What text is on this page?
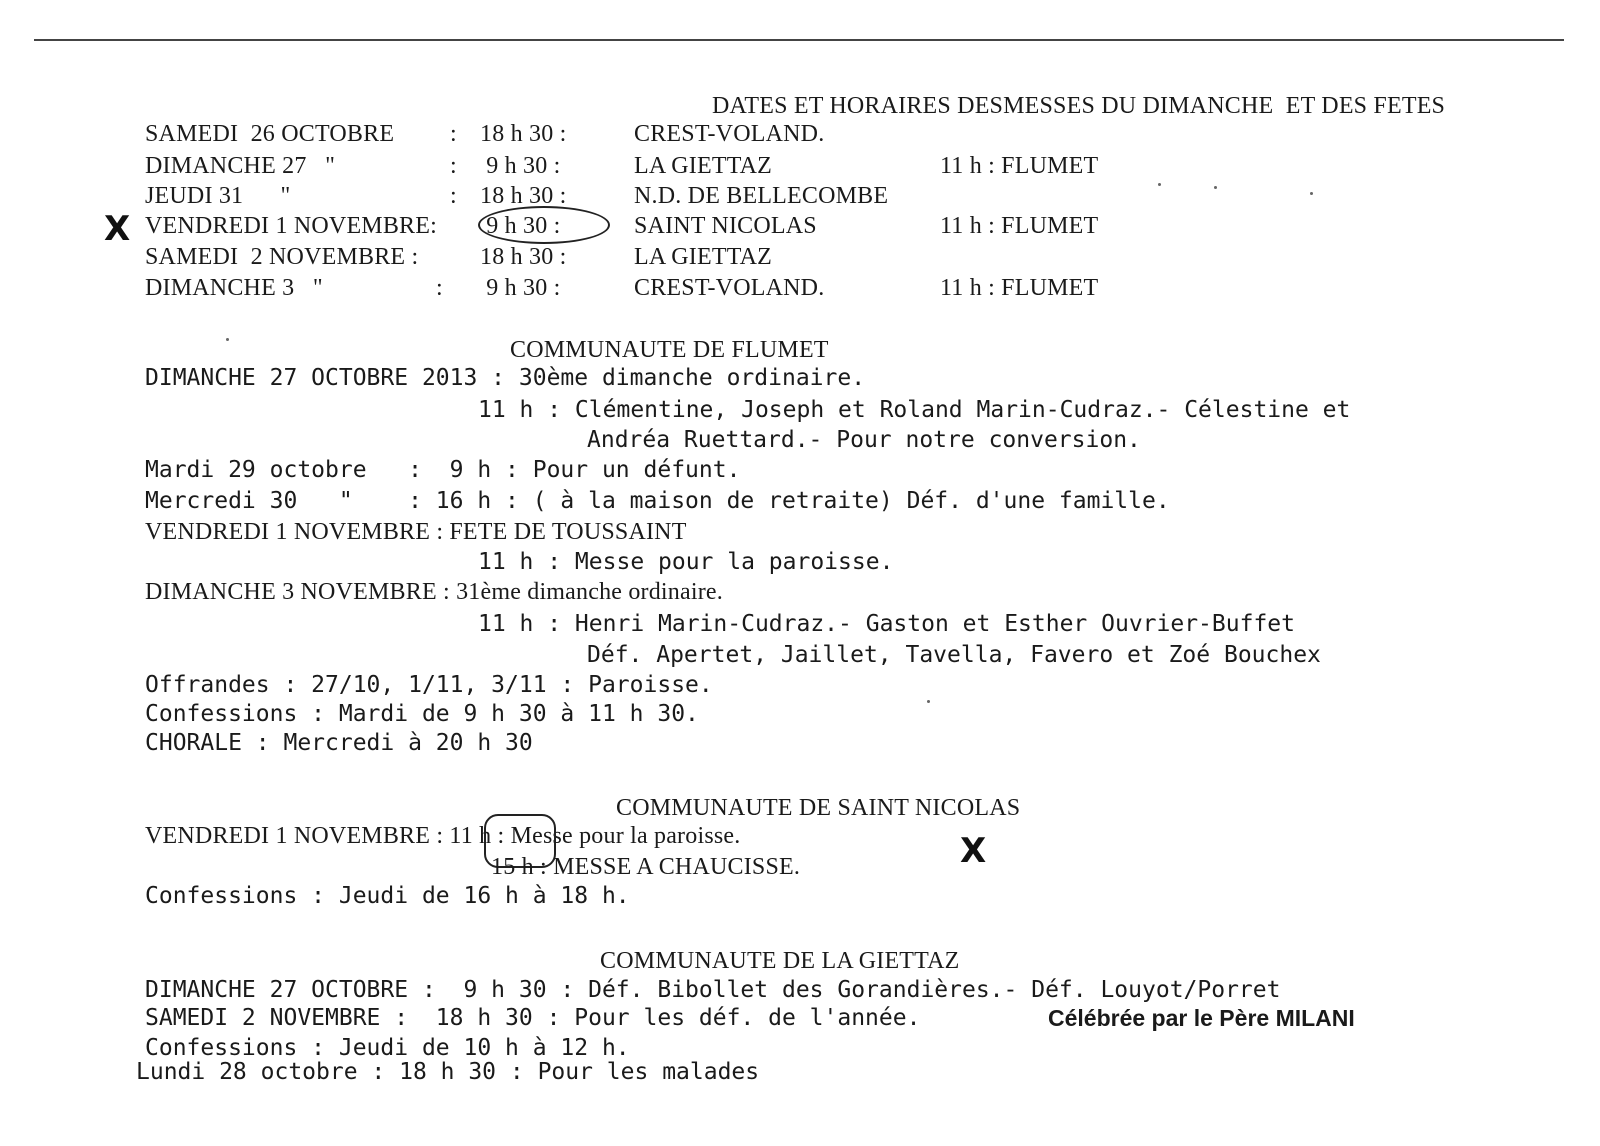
DATES ET HORAIRES DESMESSES DU DIMANCHE  ET DES FETES
SAMEDI  26 OCTOBRE : 18 h 30 :	CREST-VOLAND.
DIMANCHE 27   "	: 9 h 30 :	LA GIETTAZ	11 h : FLUMET
JEUDI 31      "	: 18 h 30 :	N.D. DE BELLECOMBE
X VENDREDI 1 NOVEMBRE: 9 h 30 :	SAINT NICOLAS	11 h : FLUMET
SAMEDI  2 NOVEMBRE :	18 h 30 :	LA GIETTAZ
DIMANCHE 3   "	: 9 h 30 :	CREST-VOLAND.	11 h : FLUMET
COMMUNAUTE DE FLUMET
DIMANCHE 27 OCTOBRE 2013 : 30ème dimanche ordinaire.
11 h : Clémentine, Joseph et Roland Marin-Cudraz.- Célestine et
Andréa Ruettard.- Pour notre conversion.
Mardi 29 octobre   :  9 h : Pour un défunt.
Mercredi 30   "    : 16 h : ( à la maison de retraite) Déf. d'une famille.
VENDREDI 1 NOVEMBRE : FETE DE TOUSSAINT
11 h : Messe pour la paroisse.
DIMANCHE 3 NOVEMBRE : 31ème dimanche ordinaire.
11 h : Henri Marin-Cudraz.- Gaston et Esther Ouvrier-Buffet
Déf. Apertet, Jaillet, Tavella, Favero et Zoé Bouchex
Offrandes : 27/10, 1/11, 3/11 : Paroisse.
Confessions : Mardi de 9 h 30 à 11 h 30.
CHORALE : Mercredi à 20 h 30
COMMUNAUTE DE SAINT NICOLAS
VENDREDI 1 NOVEMBRE : 11 h : Messe pour la paroisse.	X
15 h : MESSE A CHAUCISSE.
Confessions : Jeudi de 16 h à 18 h.
COMMUNAUTE DE LA GIETTAZ
DIMANCHE 27 OCTOBRE :  9 h 30 : Déf. Bibollet des Gorandières.- Déf. Louyot/Porret
SAMEDI 2 NOVEMBRE :  18 h 30 : Pour les déf. de l'année.	Célébrée par le Père MILANI
Confessions : Jeudi de 10 h à 12 h.
Lundi 28 octobre : 18 h 30 : Pour les malades
